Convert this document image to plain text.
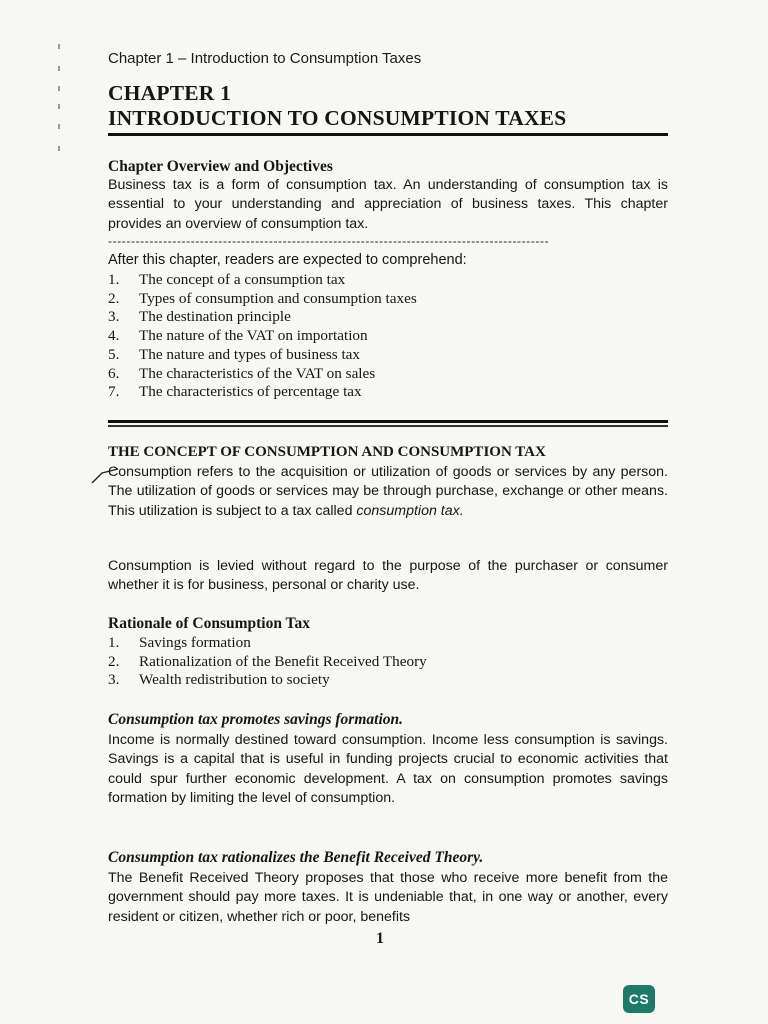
Chapter 1 – Introduction to Consumption Taxes
CHAPTER 1
INTRODUCTION TO CONSUMPTION TAXES
Chapter Overview and Objectives
Business tax is a form of consumption tax. An understanding of consumption tax is essential to your understanding and appreciation of business taxes. This chapter provides an overview of consumption tax.
------------------------------------------------------------------------------------------------
After this chapter, readers are expected to comprehend:
1. The concept of a consumption tax
2. Types of consumption and consumption taxes
3. The destination principle
4. The nature of the VAT on importation
5. The nature and types of business tax
6. The characteristics of the VAT on sales
7. The characteristics of percentage tax
THE CONCEPT OF CONSUMPTION AND CONSUMPTION TAX
Consumption refers to the acquisition or utilization of goods or services by any person. The utilization of goods or services may be through purchase, exchange or other means. This utilization is subject to a tax called consumption tax.
Consumption is levied without regard to the purpose of the purchaser or consumer whether it is for business, personal or charity use.
Rationale of Consumption Tax
1. Savings formation
2. Rationalization of the Benefit Received Theory
3. Wealth redistribution to society
Consumption tax promotes savings formation.
Income is normally destined toward consumption. Income less consumption is savings. Savings is a capital that is useful in funding projects crucial to economic activities that could spur further economic development. A tax on consumption promotes savings formation by limiting the level of consumption.
Consumption tax rationalizes the Benefit Received Theory.
The Benefit Received Theory proposes that those who receive more benefit from the government should pay more taxes. It is undeniable that, in one way or another, every resident or citizen, whether rich or poor, benefits
1
CS
